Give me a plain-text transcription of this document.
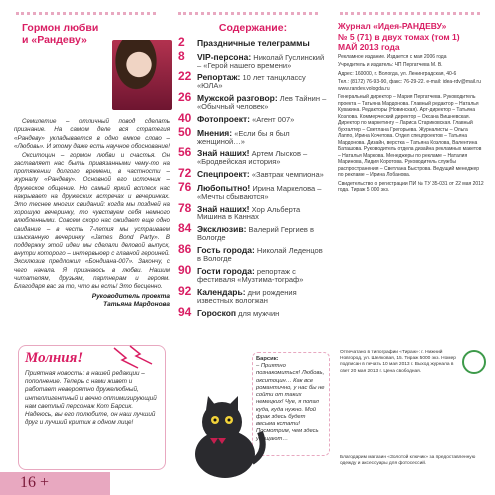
Гормон любви
и «Рандеву»

Семилетие – отличный повод сделать признание. На самом деле вся стратегия «Рандеву» укладывается в одно емкое слово – «Любовь». И этому даже есть научное обоснование!

Окситоцин – гормон любви и счастья. Он заставляет нас быть привязанными чему-то на протяжении долгого времени, в частности – журналу «Рандеву». Основной его источник – дружеское общение. Но самый яркий всплеск нас накрывает на дружеских встречах и вечеринках. Это теснее многих свиданий: когда мы поздней на хорошую вечеринку, то чувствуем себя немного влюбленными. Совсем скоро нас ожидает еще одно свидание – в честь 7-летия мы устраиваем изысканную вечеринку «James Bond Party». В поддержку этой идеи мы сделали деловой выпуск, внутри которого – интервьюер с главной героиней. Эксклюзив предложил «Бондиана-007». Закончу, с чего начала. Я признаюсь в любви. Нашим читателям, друзьям, партнерам и героям. Благодаря вас за то, что вы есть! Это бесценно.

Руководитель проекта
Татьяна Мардонова
Содержание:
2	Праздничные телеграммы
8	VIP-персона: Николай Гуслинский – «Герой нашего времени»
22 Репортаж: 10 лет танцклассу «ЮЛА»
26 Мужской разговор: Лев Тайнин – «Обычный человек»
40 Фотопроект: «Агент 007»
50 Мнения: «Если бы я был женщиной…»
56 Знай наших! Артем Лысков – «Бродвейская история»
72 Спецпроект: «Завтрак чемпиона»
76 Любопытно! Ирина Маркелова – «Мечты сбываются»
78 Знай наших! Хор Альберта Мишина в Каннах
84 Эксклюзив: Валерий Гергиев в Вологде
86 Гость города: Николай Леденцов в Вологде
90 Гости города: репортаж с фестиваля «Музтима-тограф»
92 Календарь: дни рождения известных вологжан
94 Гороскоп для мужчин
Журнал «Идея-РАНДЕВУ»
№ 5 (71) в двух томах (том 1)
МАЙ 2013 года

Рекламное издание. Издается с мая 2006 года

Учредитель и издатель: ЧП Пергатчева М. В.

Адрес: 160000, г. Вологда, ул. Ленинградская, 40-6

Тел.: (8172) 76-93-90, факс: 76-29-22. e-mail: idea-rdv@mail.ru www.randev.vologda.ru

Генеральный директор – Мария Пергатчева. Руководитель проекта – Татьяна Мардонова. Главный редактор – Наталья Кувакина. Редакторы (Новинская). Арт-директор – Татьяна Козлова. Коммерческий директор – Оксана Вишневская. Директор по маркетингу – Лариса Стариковская. Главный бухгалтер – Светлана Грегорьева. Журналисты – Ольга Лаппо, Ирина Кочетова. Отдел спецпроектов – Татьяна Мардонова. Дизайн, верстка – Татьяна Козлова, Валентина Баташова. Руководитель отдела дизайна рекламных макетов – Наталья Маркова. Менеджеры по рекламе – Наталия Маринова, Лидия Коротова. Руководитель службы распространения – Светлана Быстрова. Ведущий менеджер по рекламе – Ирина Лобанова.

Свидетельство о регистрации ПИ № ТУ 35-031 от 22 мая 2012 года. Тираж 5 000 экз.

Молния!
Приятная новость: в нашей редакции – пополнение. Теперь с нами живет и работает невероятно дружелюбный, интеллигентный и вечно оптимизирующий нам светлый персонаж Кот Барсик. Надеюсь, вы его полюбите, он наш лучший друг и лучший критик в одном лице!
16 +
Барсик:
– Приятно познакомиться! Любовь, окситоцин… Как все романтично, у нас бы не сойти от таких немецких! Чуе, я попал куда, куда нужно. Мой фрак здесь будет весьма кстати! Посмотрим, чем здесь угощают…
Отпечатано в типографии «Тираж»: г. Нижний Новгород, ул. Шелковая, 15. Тираж 5000 экз. Номер подписан в печать 10 мая 2013 г. Выход журнала в свет 20 мая 2013 г. Цена свободная.
Благодарим магазин «Золотой ключик» за предоставленную одежду и аксессуары для фотосессий.
